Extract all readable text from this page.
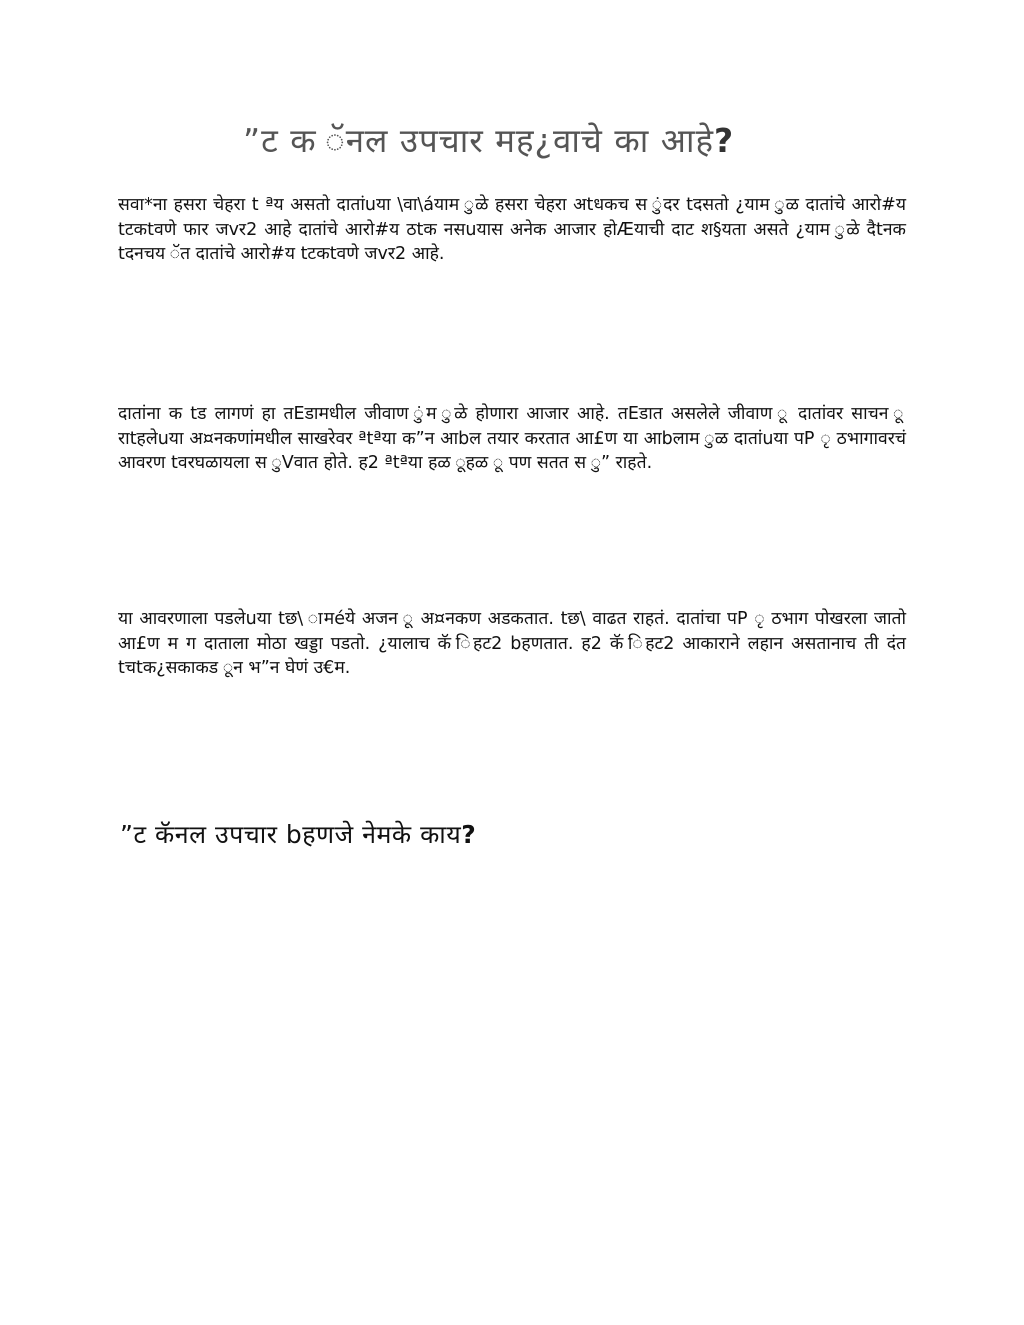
”ट क ॅनल उपचार मह¿वाचे का आहे?

सवा*ना हसरा चेहरा t ªय असतो दातांuया \वा\áयाम ुळे हसरा चेहरा अtधकच स ुंदर tदसतो ¿याम ुळ दातांचे आरो#य tटकtवणे फार जvर2 आहे दातांचे आरो#य ठtक नसuयास अनेक आजार होÆयाची दाट श§यता असते ¿याम ुळे दैtनक tदनचय ॅत दातांचे आरो#य tटकtवणे जvर2 आहे.

दातांना क tड लागणं हा तEडामधील जीवाण ुंम ुळे होणारा आजार आहे. तEडात असलेले जीवाण ू दातांवर साचन ू राtहलेuया अ¤नकणांमधील साखरेवर ªtªया क”न आbल तयार करतात आ£ण या आbलाम ुळ दातांuया पP ृ ठभागावरचं आवरण tवरघळायला स ुVवात होते. ह2 ªtªया हळ ूहळ ू पण सतत स ु” राहते.

या आवरणाला पडलेuया tछ\ ामéये अजन ू अ¤नकण अडकतात. tछ\ वाढत राहतं. दातांचा पP ृ ठभाग पोखरला जातो आ£ण म ग दाताला मोठा खड्डा पडतो. ¿यालाच कॅ िहट2 bहणतात. ह2 कॅ िहट2 आकाराने लहान असतानाच ती दंत tचtक¿सकाकड ून भ”न घेणं उ€म.

”ट कॅनल उपचार bहणजे नेमके काय?
